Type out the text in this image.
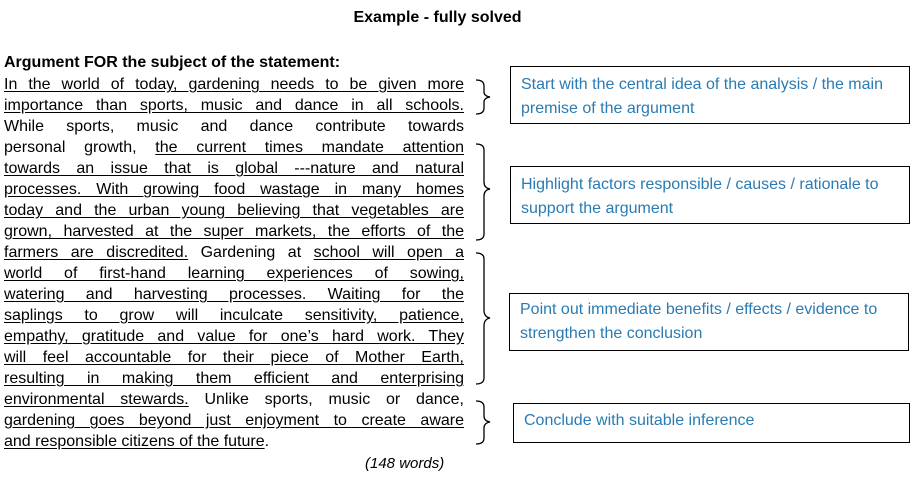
Example - fully solved
Argument FOR the subject of the statement:
In the world of today, gardening needs to be given more
importance than sports, music and dance in all schools.
While sports, music and dance contribute towards
personal growth, the current times mandate attention
towards an issue that is global ---nature and natural
processes. With growing food wastage in many homes
today and the urban young believing that vegetables are
grown, harvested at the super markets, the efforts of the
farmers are discredited. Gardening at school will open a
world of first-hand learning experiences of sowing,
watering and harvesting processes. Waiting for the
saplings to grow will inculcate sensitivity, patience,
empathy, gratitude and value for one’s hard work. They
will feel accountable for their piece of Mother Earth,
resulting in making them efficient and enterprising
environmental stewards. Unlike sports, music or dance,
gardening goes beyond just enjoyment to create aware
and responsible citizens of the future.
(148 words)
Start with the central idea of the analysis / the main premise of the argument
Highlight factors responsible / causes / rationale to support the argument
Point out immediate benefits / effects / evidence to strengthen the conclusion
Conclude with suitable inference
